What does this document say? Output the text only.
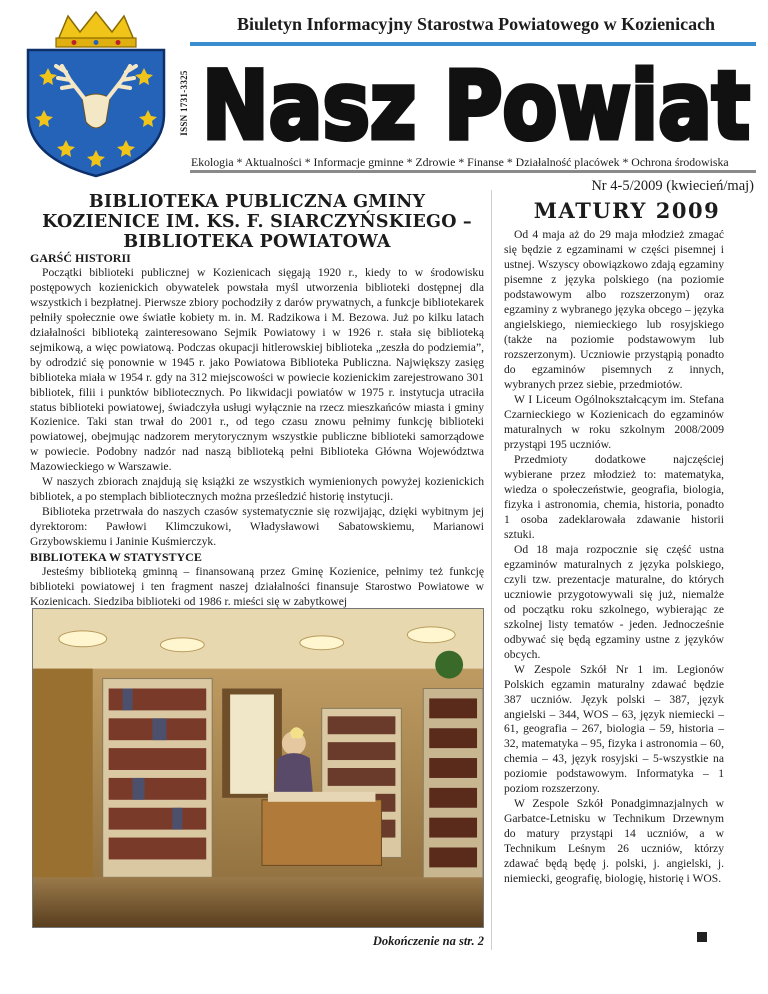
ISSN 1731-3325
Biuletyn Informacyjny Starostwa Powiatowego w Kozienicach
Nasz Powiat
Ekologia * Aktualności * Informacje gminne * Zdrowie * Finanse * Działalność placówek * Ochrona środowiska
Nr 4-5/2009 (kwiecień/maj)
BIBLIOTEKA PUBLICZNA GMINY KOZIENICE IM. KS. F. SIARCZYŃSKIEGO – BIBLIOTEKA POWIATOWA
GARŚĆ HISTORII

Początki biblioteki publicznej w Kozienicach sięgają 1920 r., kiedy to w środowisku postępowych kozienickich obywatelek powstała myśl utworzenia biblioteki dostępnej dla wszystkich i bezpłatnej. Pierwsze zbiory pochodziły z darów prywatnych, a funkcje bibliotekarek pełniły społecznie owe światłe kobiety m. in. M. Radzikowa i M. Bezowa. Już po kilku latach działalności biblioteką zainteresowano Sejmik Powiatowy i w 1926 r. stała się biblioteką sejmikową, a więc powiatową. Podczas okupacji hitlerowskiej biblioteka „zeszła do podziemia”, by odrodzić się ponownie w 1945 r. jako Powiatowa Biblioteka Publiczna. Największy zasięg biblioteka miała w 1954 r. gdy na 312 miejscowości w powiecie kozienickim zarejestrowano 301 bibliotek, filii i punktów bibliotecznych. Po likwidacji powiatów w 1975 r. instytucja utraciła status biblioteki powiatowej, świadczyła usługi wyłącznie na rzecz mieszkańców miasta i gminy Kozienice. Taki stan trwał do 2001 r., od tego czasu znowu pełnimy funkcję biblioteki powiatowej, obejmując nadzorem merytorycznym wszystkie publiczne biblioteki samorządowe w powiecie. Podobny nadzór nad naszą biblioteką pełni Biblioteka Główna Województwa Mazowieckiego w Warszawie.

W naszych zbiorach znajdują się książki ze wszystkich wymienionych powyżej kozienickich bibliotek, a po stemplach bibliotecznych można prześledzić historię instytucji.

Biblioteka przetrwała do naszych czasów systematycznie się rozwijając, dzięki wybitnym jej dyrektorom: Pawłowi Klimczukowi, Władysławowi Sabatowskiemu, Marianowi Grzybowskiemu i Janinie Kuśmierczyk.

BIBLIOTEKA W STATYSTYCE

Jesteśmy biblioteką gminną – finansowaną przez Gminę Kozienice, pełnimy też funkcję biblioteki powiatowej i ten fragment naszej działalności finansuje Starostwo Powiatowe w Kozienicach. Siedziba biblioteki od 1986 r. mieści się w zabytkowej

Dokończenie na str. 2
MATURY 2009

Od 4 maja aż do 29 maja młodzież zmagać się będzie z egzaminami w części pisemnej i ustnej. Wszyscy obowiązkowo zdają egzaminy pisemne z języka polskiego (na poziomie podstawowym albo rozszerzonym) oraz egzaminy z wybranego języka obcego – języka angielskiego, niemieckiego lub rosyjskiego (także na poziomie podstawowym lub rozszerzonym). Uczniowie przystąpią ponadto do egzaminów pisemnych z innych, wybranych przez siebie, przedmiotów.

W I Liceum Ogólnokształcącym im. Stefana Czarnieckiego w Kozienicach do egzaminów maturalnych w roku szkolnym 2008/2009 przystąpi 195 uczniów.

Przedmioty dodatkowe najczęściej wybierane przez młodzież to: matematyka, wiedza o społeczeństwie, geografia, biologia, fizyka i astronomia, chemia, historia, ponadto 1 osoba zadeklarowała zdawanie historii sztuki.

Od 18 maja rozpocznie się część ustna egzaminów maturalnych z języka polskiego, czyli tzw. prezentacje maturalne, do których uczniowie przygotowywali się już, niemalże od początku roku szkolnego, wybierając ze szkolnej listy tematów - jeden. Jednocześnie odbywać się będą egzaminy ustne z języków obcych.

W Zespole Szkół Nr 1 im. Legionów Polskich egzamin maturalny zdawać będzie 387 uczniów. Język polski – 387, język angielski – 344, WOS – 63, język niemiecki – 61, geografia – 267, biologia – 59, historia – 32, matematyka – 95, fizyka i astronomia – 60, chemia – 43, język rosyjski – 5-wszystkie na poziomie podstawowym. Informatyka – 1 poziom rozszerzony.

W Zespole Szkół Ponadgimnazjalnych w Garbatce-Letnisku w Technikum Drzewnym do matury przystąpi 14 uczniów, a w Technikum Leśnym 26 uczniów, którzy zdawać będą będę j. polski, j. angielski, j. niemiecki, geografię, biologię, historię i WOS.
